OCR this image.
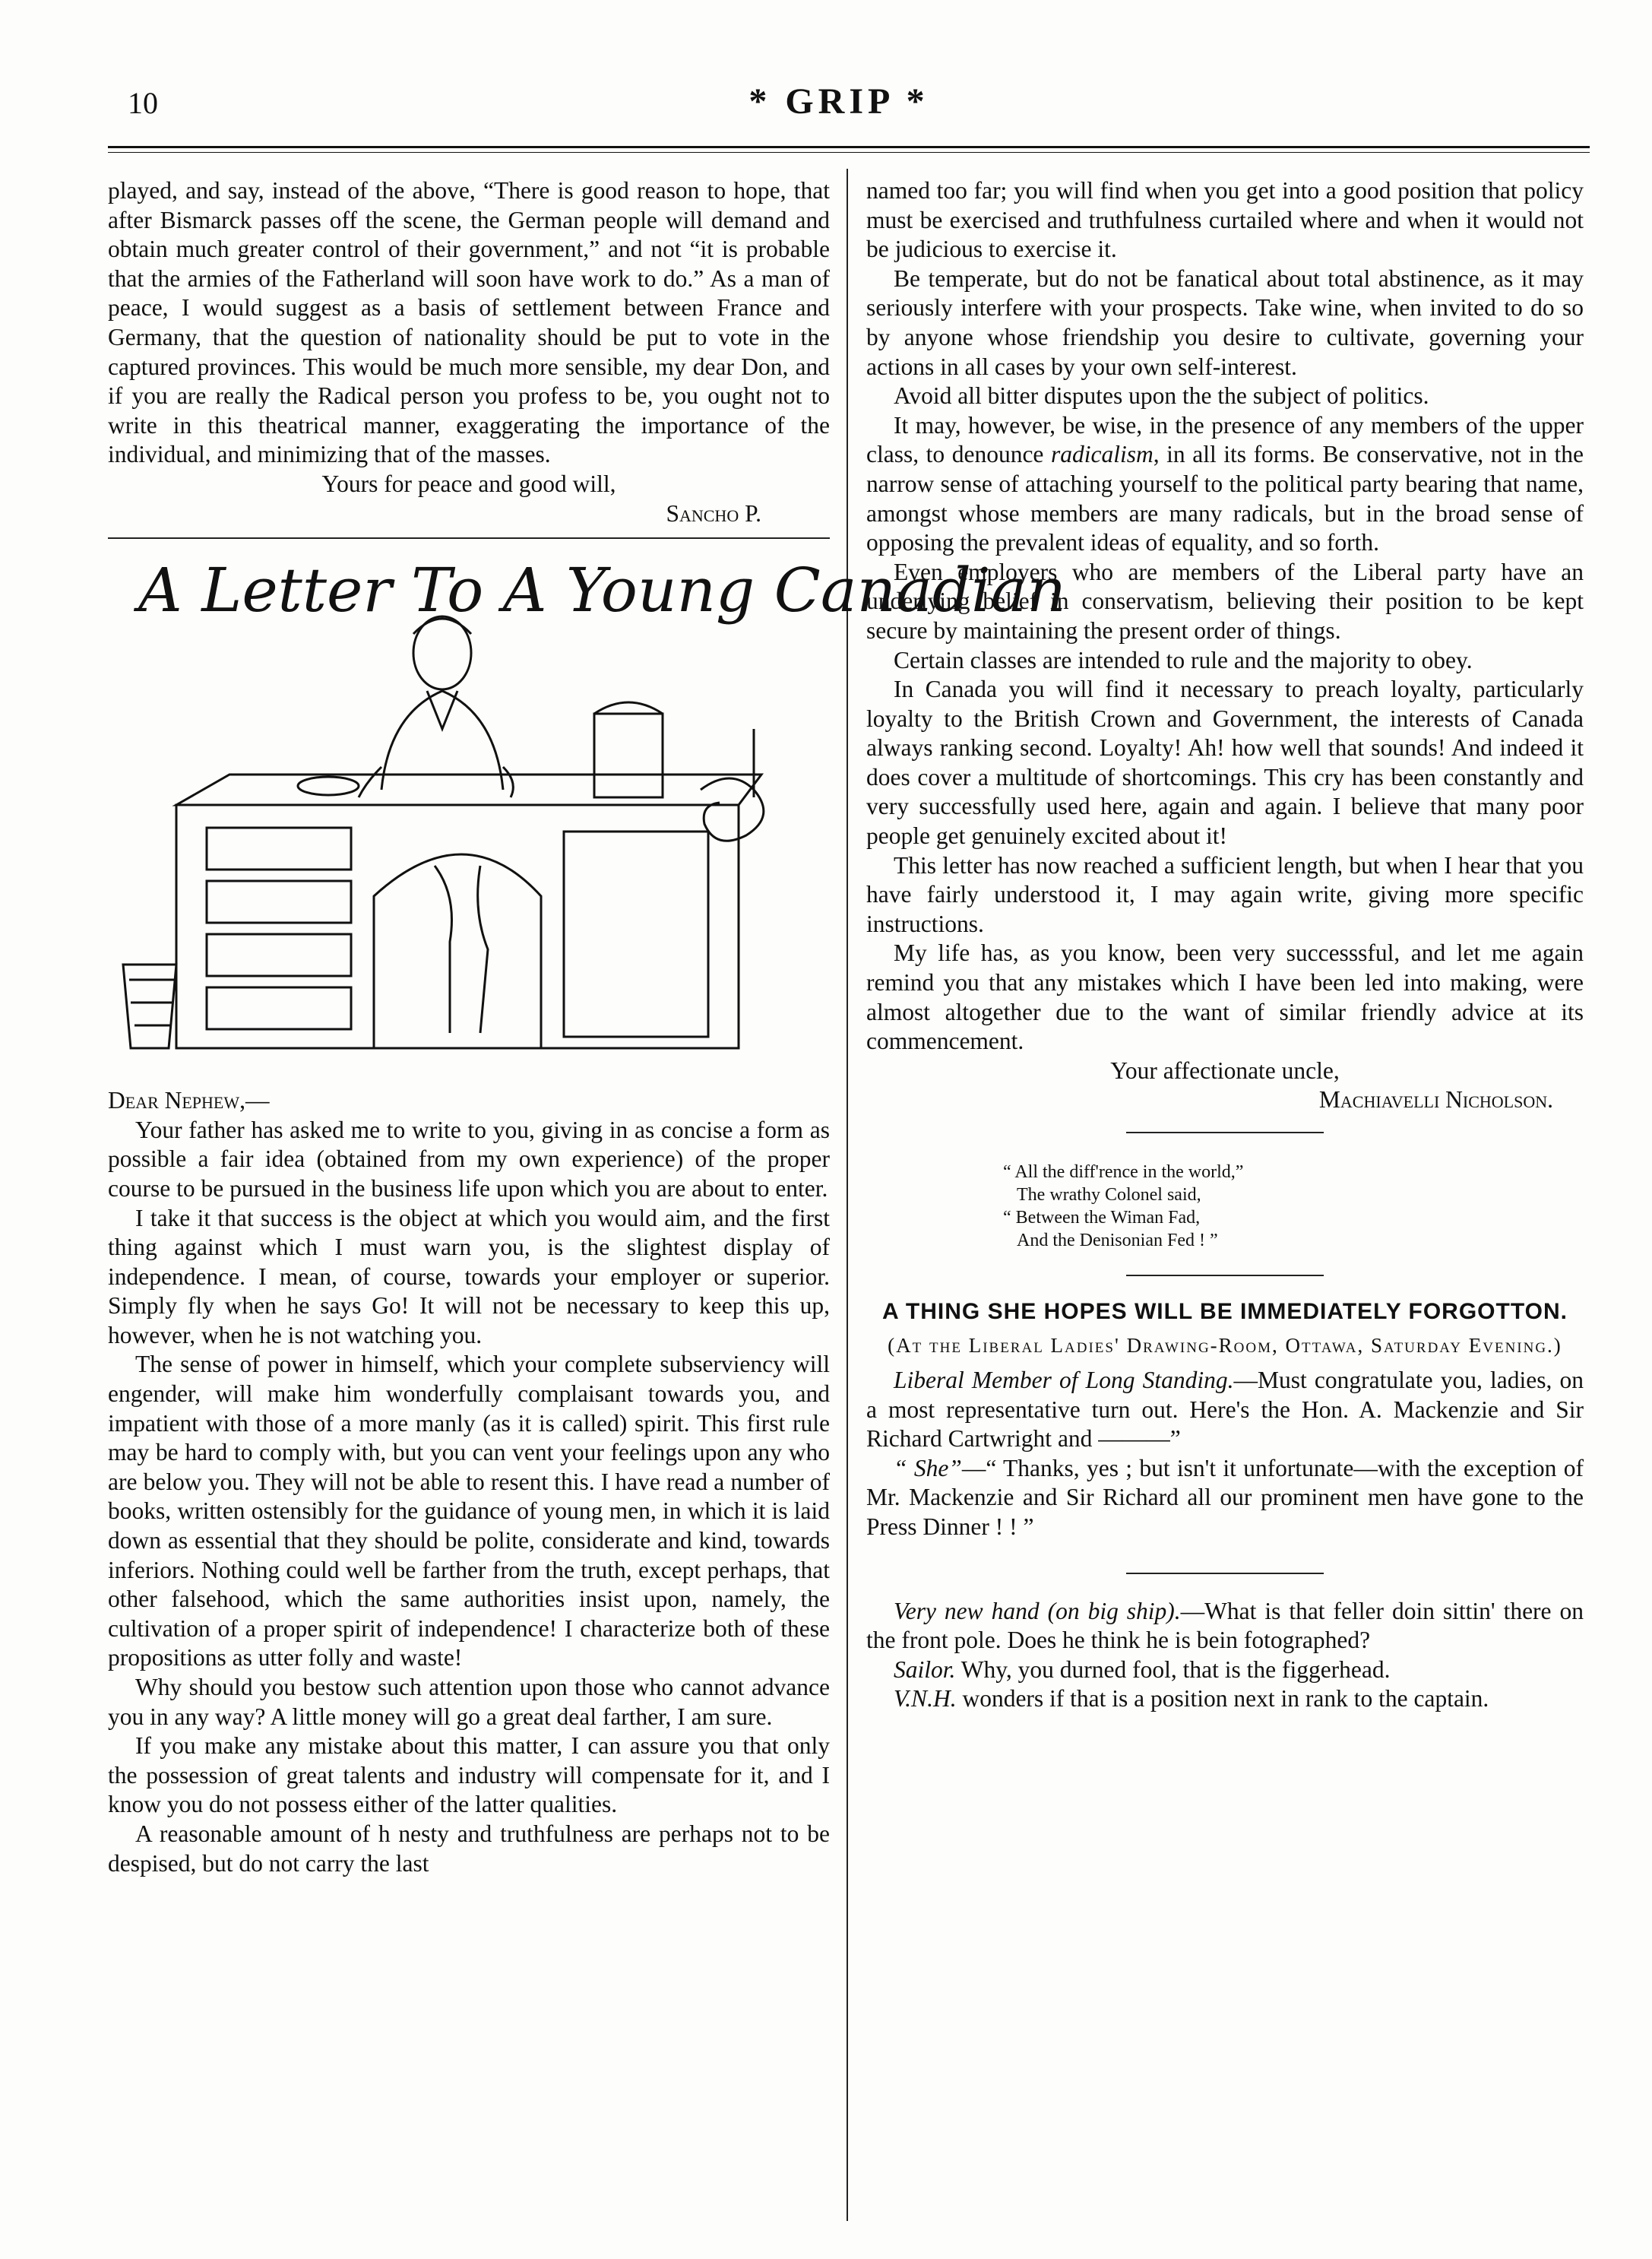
10	* GRIP *

played, and say, instead of the above, “There is good reason to hope, that after Bismarck passes off the scene, the German people will demand and obtain much greater control of their government,” and not “it is probable that the armies of the Fatherland will soon have work to do.” As a man of peace, I would suggest as a basis of settlement between France and Germany, that the question of nationality should be put to vote in the captured provinces. This would be much more sensible, my dear Don, and if you are really the Radical person you profess to be, you ought not to write in this theatrical manner, exaggerating the importance of the individual, and minimizing that of the masses.

Yours for peace and good will,

Sancho P.

A Letter To A Young Canadian

Dear Nephew,—

Your father has asked me to write to you, giving in as concise a form as possible a fair idea (obtained from my own experience) of the proper course to be pursued in the business life upon which you are about to enter.

I take it that success is the object at which you would aim, and the first thing against which I must warn you, is the slightest display of independence. I mean, of course, towards your employer or superior. Simply fly when he says Go! It will not be necessary to keep this up, however, when he is not watching you.

The sense of power in himself, which your complete subserviency will engender, will make him wonderfully complaisant towards you, and impatient with those of a more manly (as it is called) spirit. This first rule may be hard to comply with, but you can vent your feelings upon any who are below you. They will not be able to resent this. I have read a number of books, written ostensibly for the guidance of young men, in which it is laid down as essential that they should be polite, considerate and kind, towards inferiors. Nothing could well be farther from the truth, except perhaps, that other falsehood, which the same authorities insist upon, namely, the cultivation of a proper spirit of independence! I characterize both of these propositions as utter folly and waste!

Why should you bestow such attention upon those who cannot advance you in any way? A little money will go a great deal farther, I am sure.

If you make any mistake about this matter, I can assure you that only the possession of great talents and industry will compensate for it, and I know you do not possess either of the latter qualities.

A reasonable amount of h nesty and truthfulness are perhaps not to be despised, but do not carry the last

named too far; you will find when you get into a good position that policy must be exercised and truthfulness curtailed where and when it would not be judicious to exercise it.

Be temperate, but do not be fanatical about total abstinence, as it may seriously interfere with your prospects. Take wine, when invited to do so by anyone whose friendship you desire to cultivate, governing your actions in all cases by your own self-interest.

Avoid all bitter disputes upon the the subject of politics.

It may, however, be wise, in the presence of any members of the upper class, to denounce radicalism, in all its forms. Be conservative, not in the narrow sense of attaching yourself to the political party bearing that name, amongst whose members are many radicals, but in the broad sense of opposing the prevalent ideas of equality, and so forth.

Even employers who are members of the Liberal party have an underlying belief in conservatism, believing their position to be kept secure by maintaining the present order of things.

Certain classes are intended to rule and the majority to obey.

In Canada you will find it necessary to preach loyalty, particularly loyalty to the British Crown and Government, the interests of Canada always ranking second. Loyalty! Ah! how well that sounds! And indeed it does cover a multitude of shortcomings. This cry has been constantly and very successfully used here, again and again. I believe that many poor people get genuinely excited about it!

This letter has now reached a sufficient length, but when I hear that you have fairly understood it, I may again write, giving more specific instructions.

My life has, as you know, been very successsful, and let me again remind you that any mistakes which I have been led into making, were almost altogether due to the want of similar friendly advice at its commencement.

Your affectionate uncle,

Machiavelli Nicholson.

“ All the diff'rence in the world,”
The wrathy Colonel said,
“ Between the Wiman Fad,
And the Denisonian Fed ! ”

A THING SHE HOPES WILL BE IMMEDIATELY FORGOTTON.

(At the Liberal Ladies' Drawing-Room, Ottawa, Saturday Evening.)

Liberal Member of Long Standing.—Must congratulate you, ladies, on a most representative turn out. Here's the Hon. A. Mackenzie and Sir Richard Cartwright and ———”

“ She”—“ Thanks, yes ; but isn't it unfortunate—with the exception of Mr. Mackenzie and Sir Richard all our prominent men have gone to the Press Dinner ! ! ”

Very new hand (on big ship).—What is that feller doin sittin' there on the front pole. Does he think he is bein fotographed?

Sailor. Why, you durned fool, that is the figgerhead.

V.N.H. wonders if that is a position next in rank to the captain.
